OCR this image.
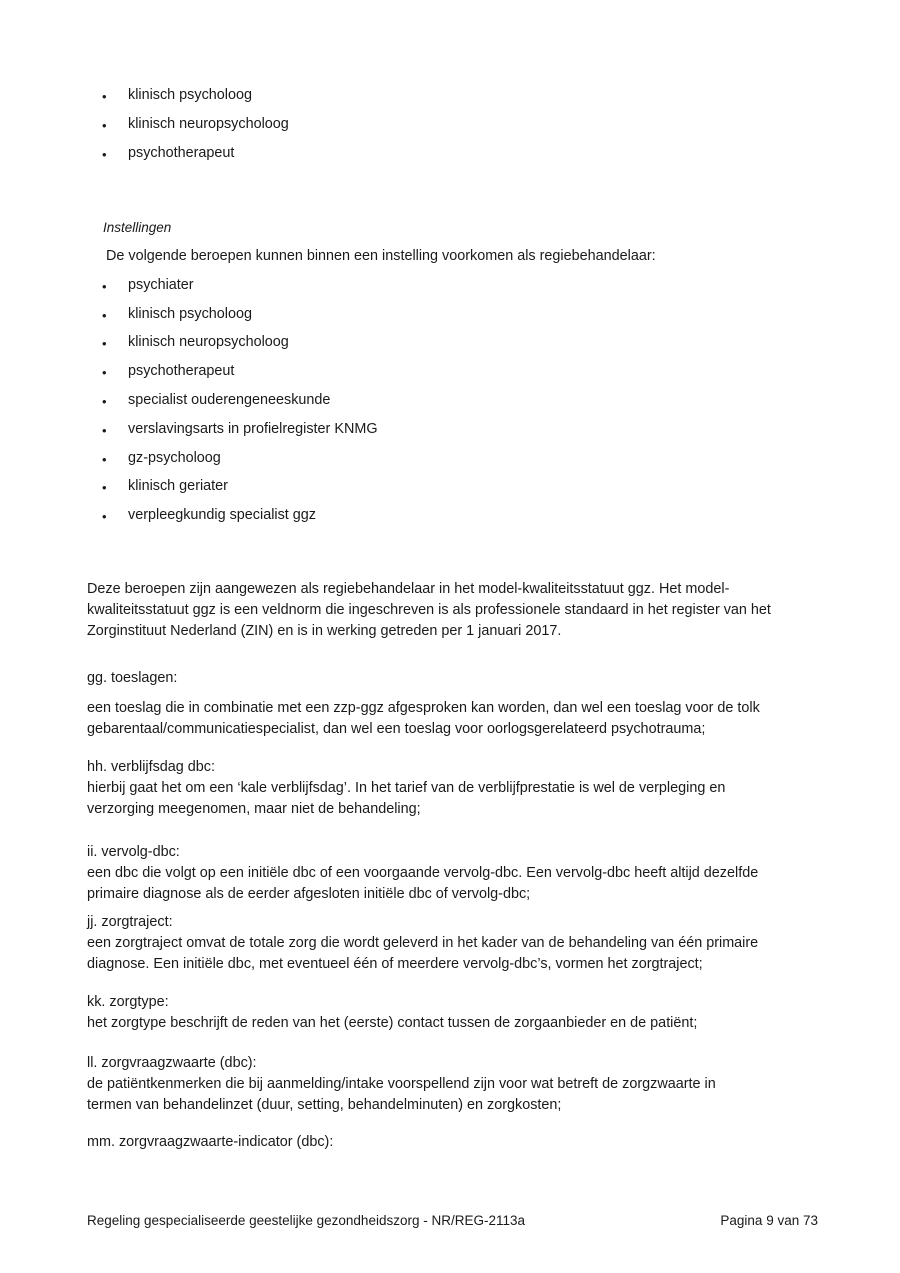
• klinisch psycholoog
• klinisch neuropsycholoog
• psychotherapeut
Instellingen
De volgende beroepen kunnen binnen een instelling voorkomen als regiebehandelaar:
• psychiater
• klinisch psycholoog
• klinisch neuropsycholoog
• psychotherapeut
• specialist ouderengeneeskunde
• verslavingsarts in profielregister KNMG
• gz-psycholoog
• klinisch geriater
• verpleegkundig specialist ggz
Deze beroepen zijn aangewezen als regiebehandelaar in het model-kwaliteitsstatuut ggz. Het model-
kwaliteitsstatuut ggz is een veldnorm die ingeschreven is als professionele standaard in het register van het
Zorginstituut Nederland (ZIN) en is in werking getreden per 1 januari 2017.
gg. toeslagen:
een toeslag die in combinatie met een zzp-ggz afgesproken kan worden, dan wel een toeslag voor de tolk
gebarentaal/communicatiespecialist, dan wel een toeslag voor oorlogsgerelateerd psychotrauma;
hh. verblijfsdag dbc:
hierbij gaat het om een ‘kale verblijfsdag’. In het tarief van de verblijfprestatie is wel de verpleging en
verzorging meegenomen, maar niet de behandeling;
ii. vervolg-dbc:
een dbc die volgt op een initiële dbc of een voorgaande vervolg-dbc. Een vervolg-dbc heeft altijd dezelfde
primaire diagnose als de eerder afgesloten initiële dbc of vervolg-dbc;
jj. zorgtraject:
een zorgtraject omvat de totale zorg die wordt geleverd in het kader van de behandeling van één primaire
diagnose. Een initiële dbc, met eventueel één of meerdere vervolg-dbc’s, vormen het zorgtraject;
kk. zorgtype:
het zorgtype beschrijft de reden van het (eerste) contact tussen de zorgaanbieder en de patiënt;
ll. zorgvraagzwaarte (dbc):
de patiëntkenmerken die bij aanmelding/intake voorspellend zijn voor wat betreft de zorgzwaarte in
termen van behandelinzet (duur, setting, behandelminuten) en zorgkosten;
mm. zorgvraagzwaarte-indicator (dbc):
Regeling gespecialiseerde geestelijke gezondheidszorg - NR/REG-2113a	Pagina 9 van 73
